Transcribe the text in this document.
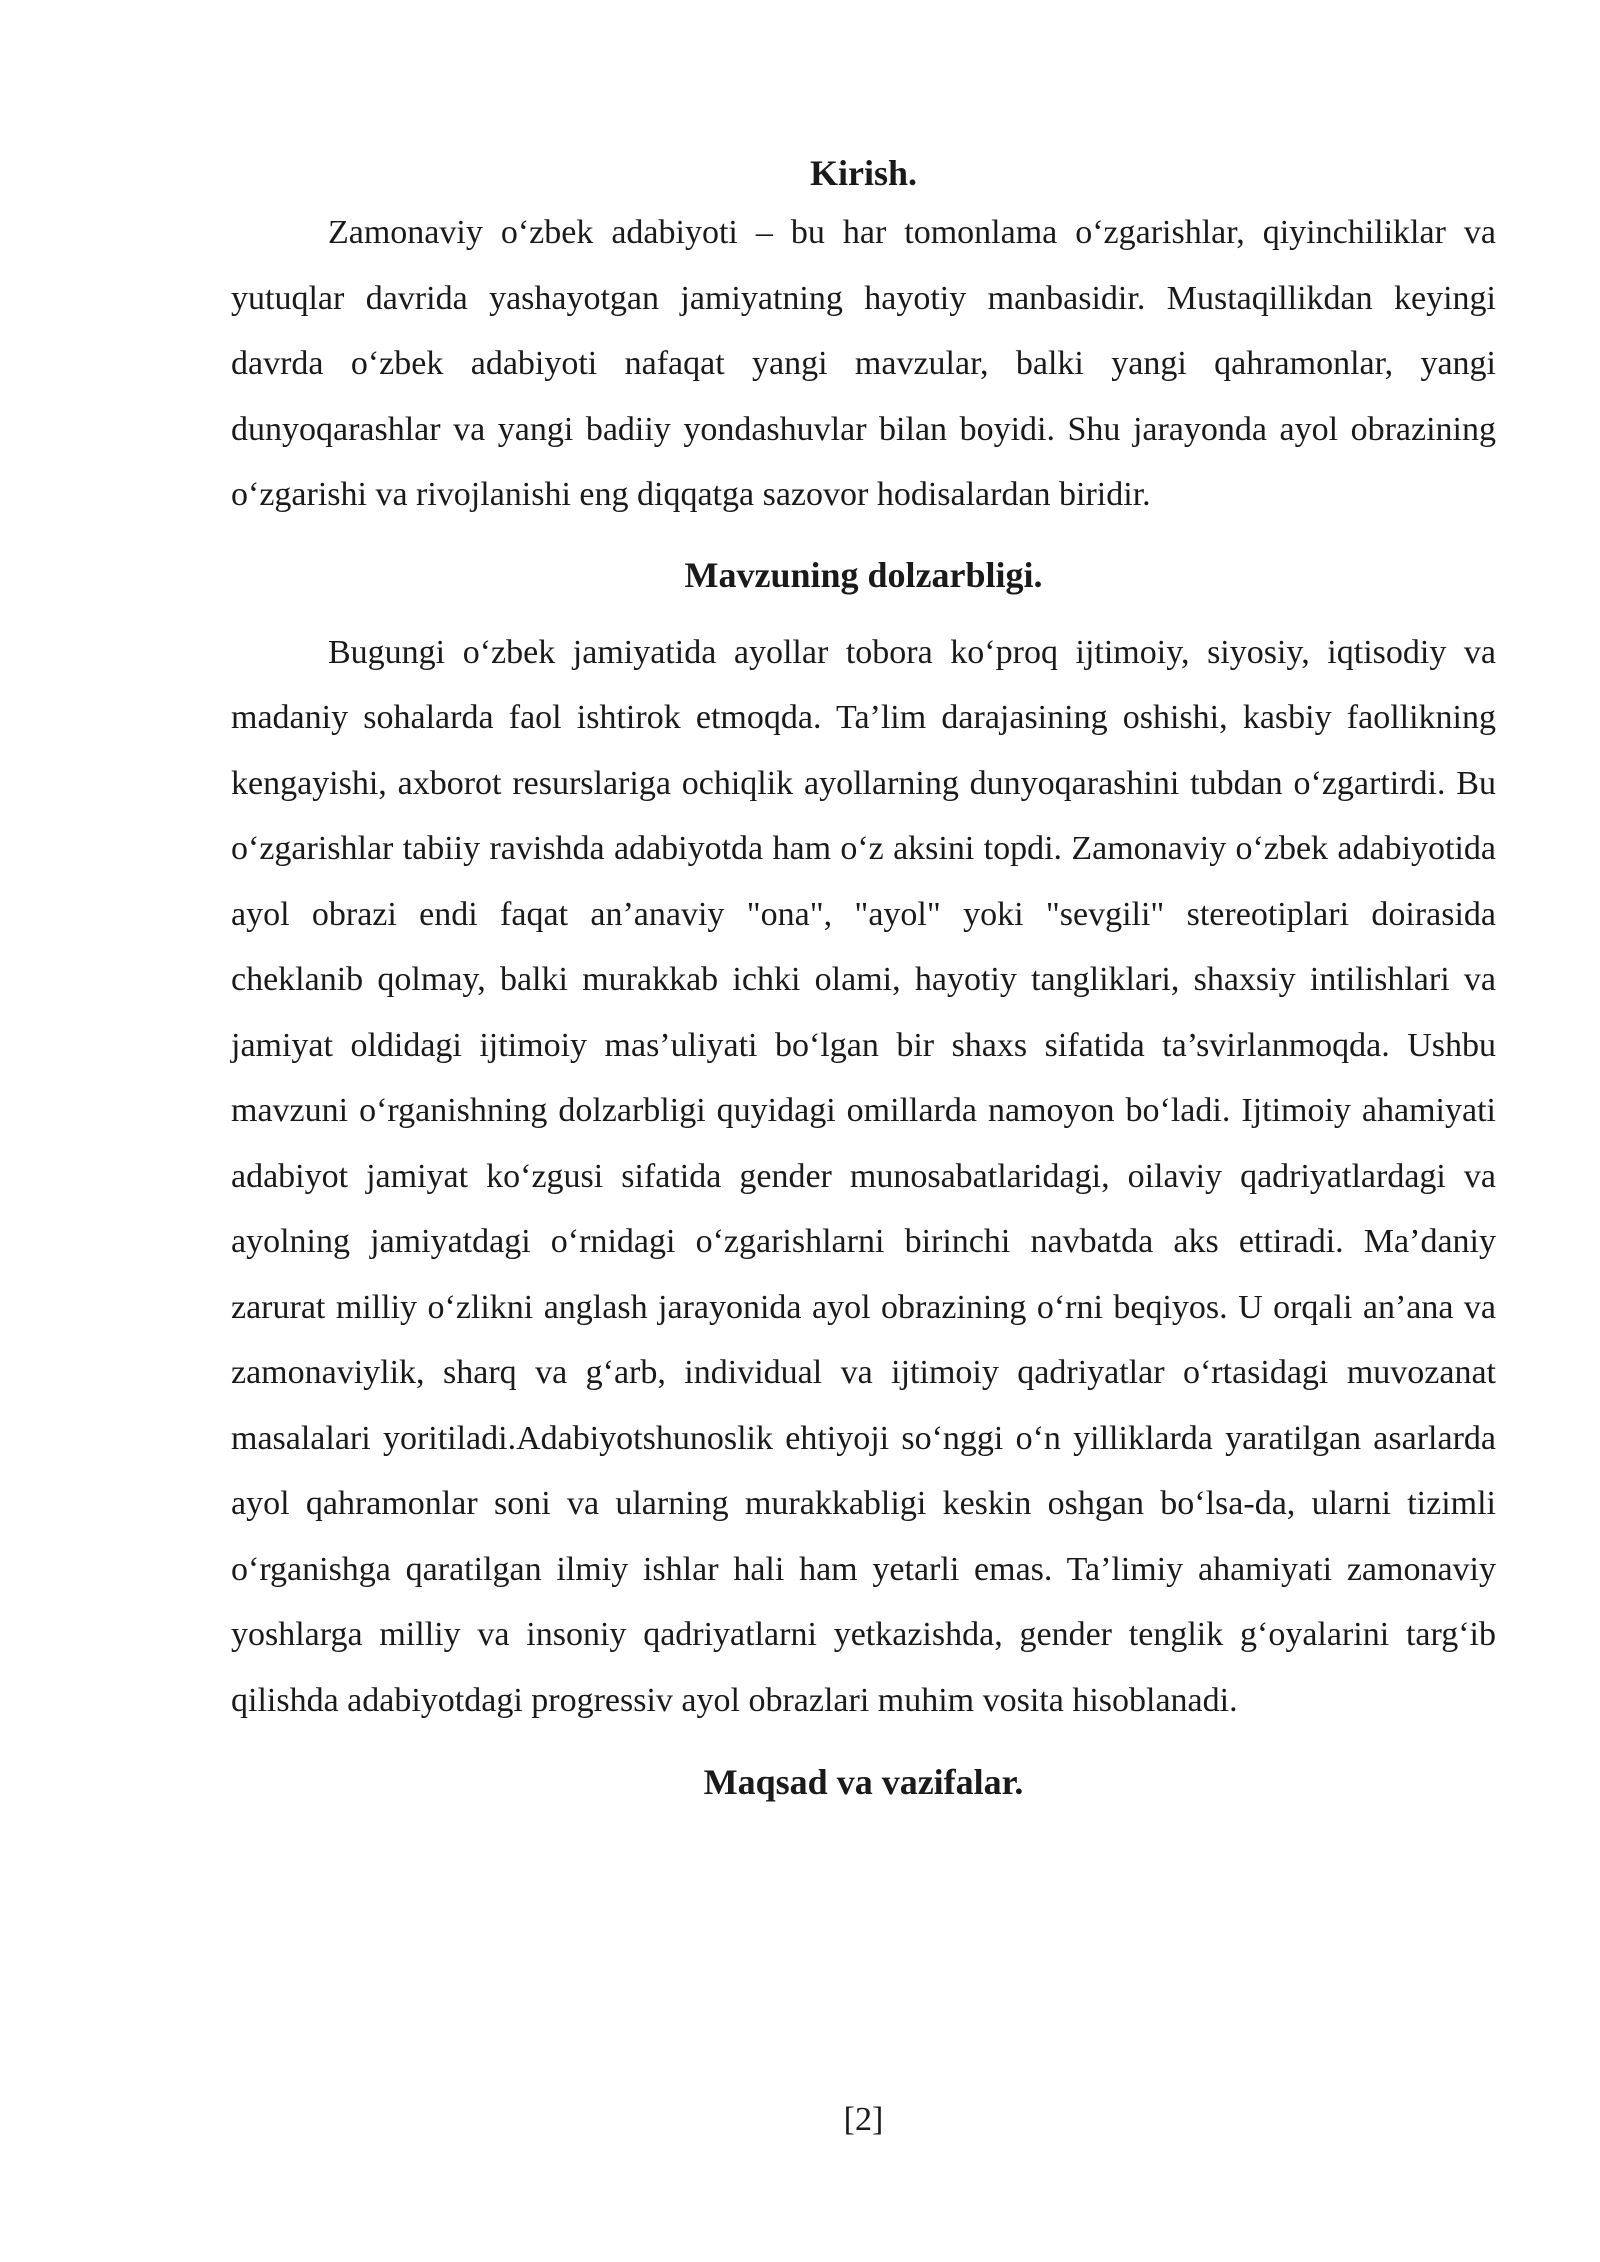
Kirish.

Zamonaviy o‘zbek adabiyoti – bu har tomonlama o‘zgarishlar, qiyinchiliklar va yutuqlar davrida yashayotgan jamiyatning hayotiy manbasidir. Mustaqillikdan keyingi davrda o‘zbek adabiyoti nafaqat yangi mavzular, balki yangi qahramonlar, yangi dunyoqarashlar va yangi badiiy yondashuvlar bilan boyidi. Shu jarayonda ayol obrazining o‘zgarishi va rivojlanishi eng diqqatga sazovor hodisalardan biridir.

Mavzuning dolzarbligi.

Bugungi o‘zbek jamiyatida ayollar tobora ko‘proq ijtimoiy, siyosiy, iqtisodiy va madaniy sohalarda faol ishtirok etmoqda. Ta’lim darajasining oshishi, kasbiy faollikning kengayishi, axborot resurslariga ochiqlik ayollarning dunyoqarashini tubdan o‘zgartirdi. Bu o‘zgarishlar tabiiy ravishda adabiyotda ham o‘z aksini topdi. Zamonaviy o‘zbek adabiyotida ayol obrazi endi faqat an’anaviy "ona", "ayol" yoki "sevgili" stereotiplari doirasida cheklanib qolmay, balki murakkab ichki olami, hayotiy tangliklari, shaxsiy intilishlari va jamiyat oldidagi ijtimoiy mas’uliyati bo‘lgan bir shaxs sifatida ta’svirlanmoqda. Ushbu mavzuni o‘rganishning dolzarbligi quyidagi omillarda namoyon bo‘ladi. Ijtimoiy ahamiyati adabiyot jamiyat ko‘zgusi sifatida gender munosabatlaridagi, oilaviy qadriyatlardagi va ayolning jamiyatdagi o‘rnidagi o‘zgarishlarni birinchi navbatda aks ettiradi. Ma’daniy zarurat milliy o‘zlikni anglash jarayonida ayol obrazining o‘rni beqiyos. U orqali an’ana va zamonaviylik, sharq va g‘arb, individual va ijtimoiy qadriyatlar o‘rtasidagi muvozanat masalalari yoritiladi.Adabiyotshunoslik ehtiyoji so‘nggi o‘n yilliklarda yaratilgan asarlarda ayol qahramonlar soni va ularning murakkabligi keskin oshgan bo‘lsa-da, ularni tizimli o‘rganishga qaratilgan ilmiy ishlar hali ham yetarli emas. Ta’limiy ahamiyati zamonaviy yoshlarga milliy va insoniy qadriyatlarni yetkazishda, gender tenglik g‘oyalarini targ‘ib qilishda adabiyotdagi progressiv ayol obrazlari muhim vosita hisoblanadi.

Maqsad va vazifalar.
[2]
